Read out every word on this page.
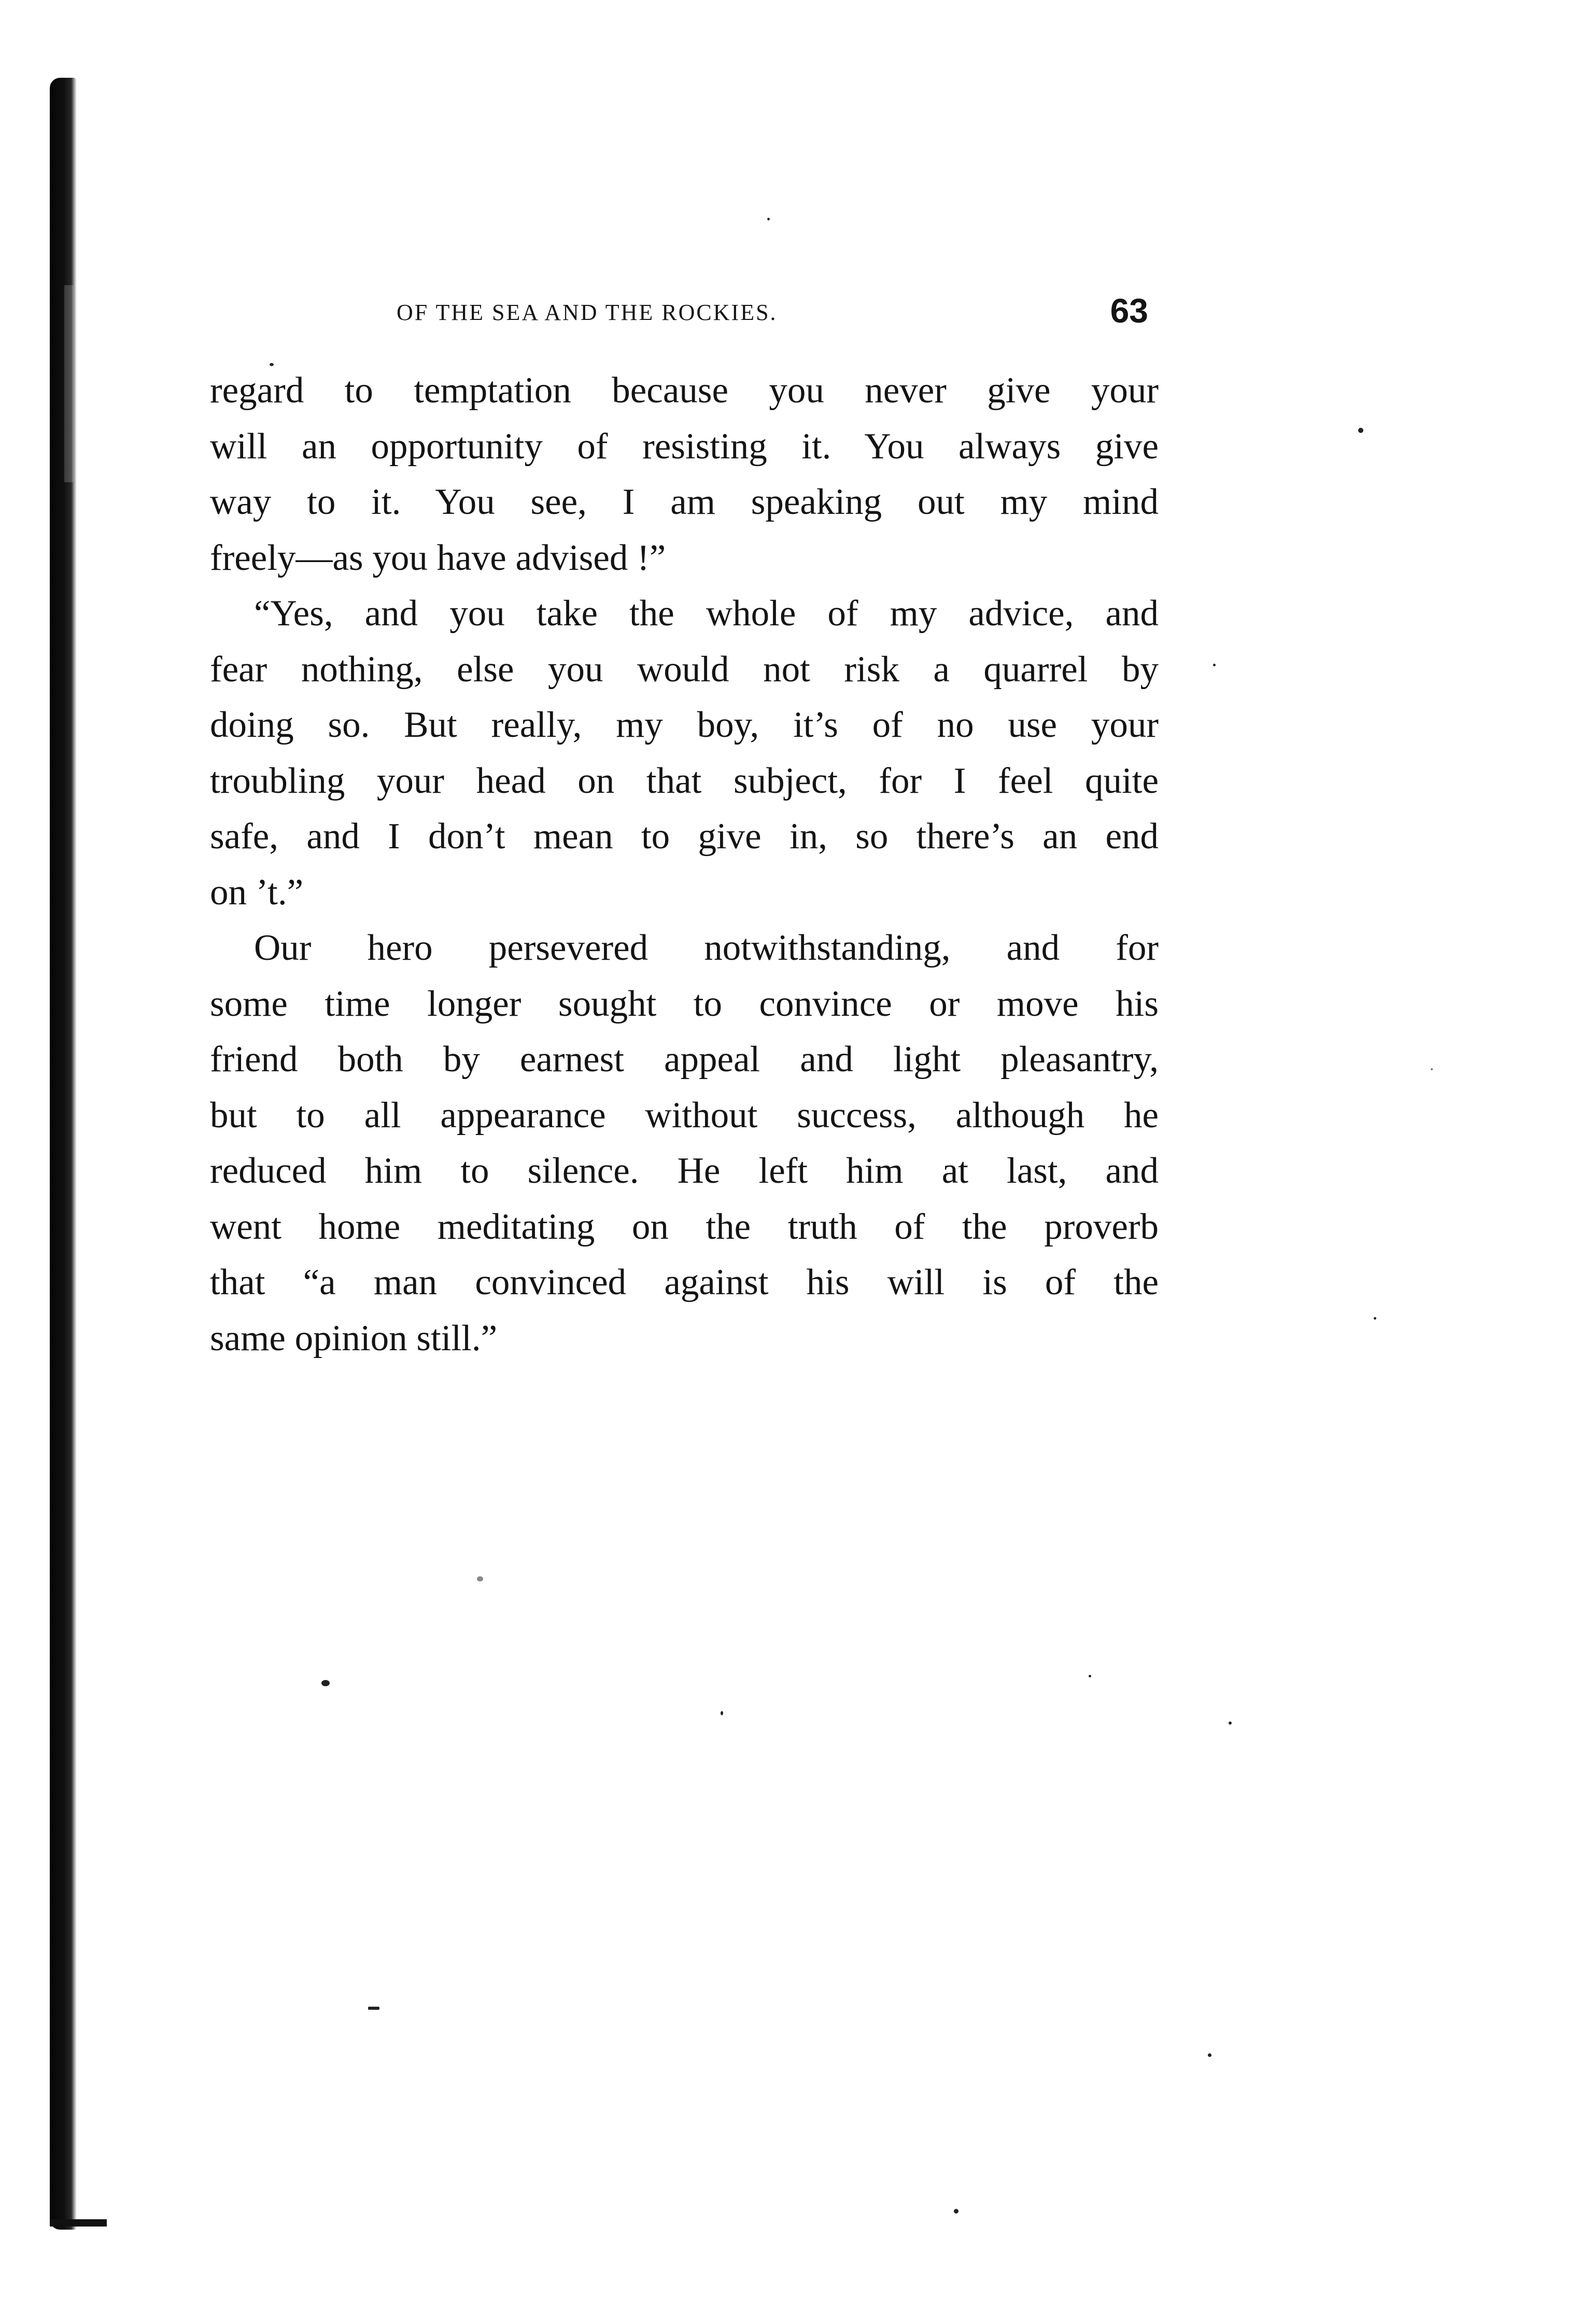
OF THE SEA AND THE ROCKIES.	63

regard to temptation because you never give your
will an opportunity of resisting it. You always give
way to it. You see, I am speaking out my mind
freely—as you have advised !”

“Yes, and you take the whole of my advice, and
fear nothing, else you would not risk a quarrel by
doing so. But really, my boy, it’s of no use your
troubling your head on that subject, for I feel quite
safe, and I don’t mean to give in, so there’s an end
on ’t.”

Our hero persevered notwithstanding, and for
some time longer sought to convince or move his
friend both by earnest appeal and light pleasantry,
but to all appearance without success, although he
reduced him to silence. He left him at last, and
went home meditating on the truth of the proverb
that “a man convinced against his will is of the
same opinion still.”
